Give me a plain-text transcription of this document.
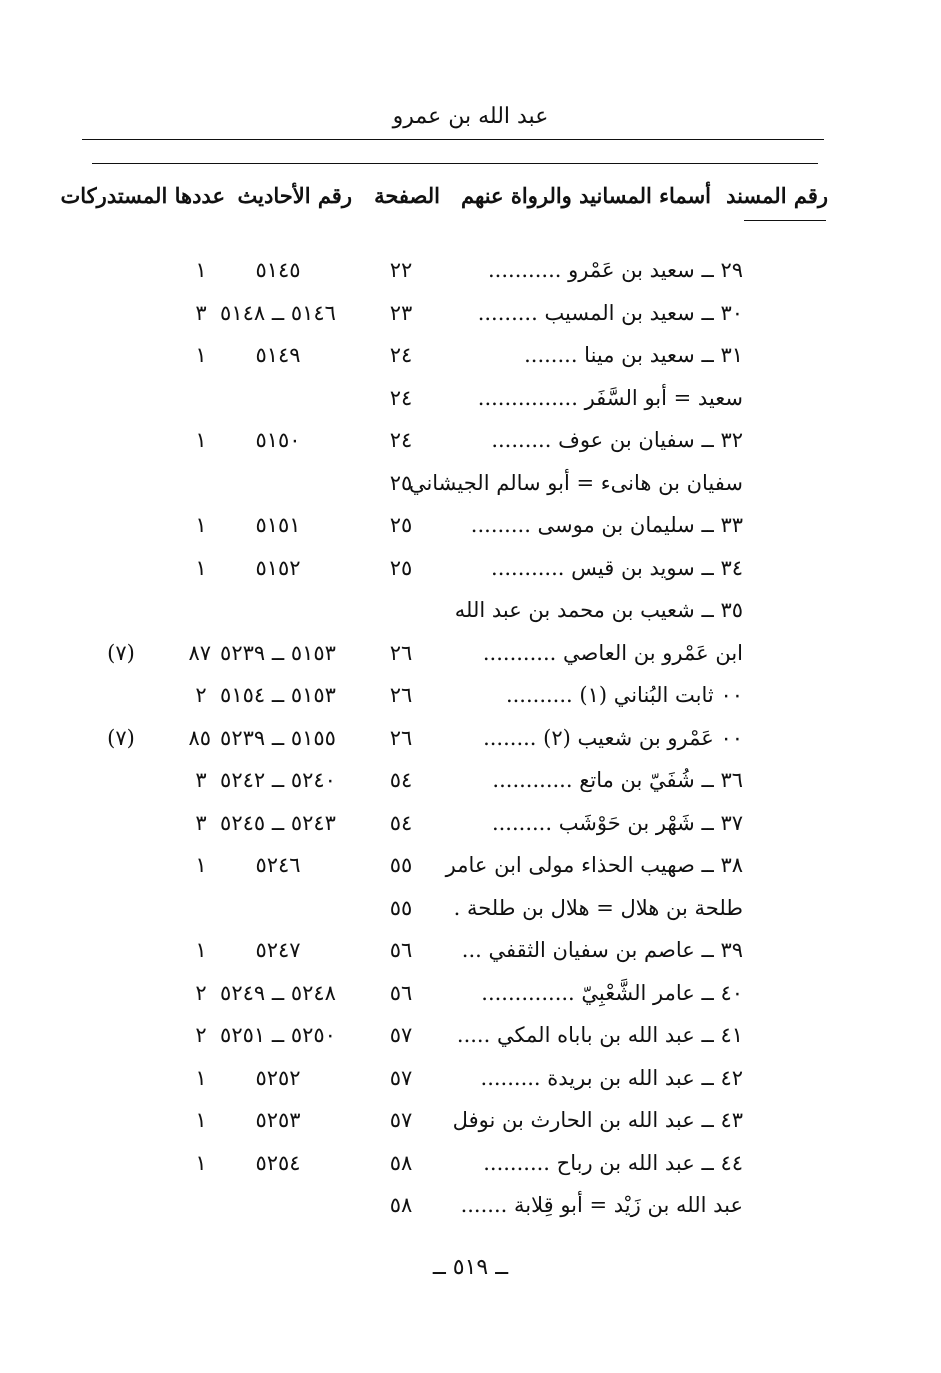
عبد الله بن عمرو
رقم المسند
أسماء المسانيد والرواة عنهم
الصفحة
رقم الأحاديث
عددها المستدركات
٢٩ ــ سعيد بن عَمْرو ...........
٢٢
٥١٤٥
١
٣٠ ــ سعيد بن المسيب .........
٢٣
٥١٤٦ ــ ٥١٤٨
٣
٣١ ــ سعيد بن مينا ........
٢٤
٥١٤٩
١
سعيد = أبو السَّفَر ...............
٢٤
٣٢ ــ سفيان بن عوف .........
٢٤
٥١٥٠
١
سفيان بن هانىء = أبو سالم الجيشاني
٢٥
٣٣ ــ سليمان بن موسى .........
٢٥
٥١٥١
١
٣٤ ــ سويد بن قيس ...........
٢٥
٥١٥٢
١
٣٥ ــ شعيب بن محمد بن عبد الله
ابن عَمْرو بن العاصي ...........
٢٦
٥١٥٣ ــ ٥٢٣٩
٨٧
(٧)
٠٠ ثابت البُناني (١) ..........
٢٦
٥١٥٣ ــ ٥١٥٤
٢
٠٠ عَمْرو بن شعيب (٢) ........
٢٦
٥١٥٥ ــ ٥٢٣٩
٨٥
(٧)
٣٦ ــ شُفَيّ بن ماتع ............
٥٤
٥٢٤٠ ــ ٥٢٤٢
٣
٣٧ ــ شَهْر بن حَوْشَب .........
٥٤
٥٢٤٣ ــ ٥٢٤٥
٣
٣٨ ــ صهيب الحذاء مولى ابن عامر
٥٥
٥٢٤٦
١
طلحة بن هلال = هلال بن طلحة .
٥٥
٣٩ ــ عاصم بن سفيان الثقفي ...
٥٦
٥٢٤٧
١
٤٠ ــ عامر الشَّعْبِيّ ..............
٥٦
٥٢٤٨ ــ ٥٢٤٩
٢
٤١ ــ عبد الله بن باباه المكي .....
٥٧
٥٢٥٠ ــ ٥٢٥١
٢
٤٢ ــ عبد الله بن بريدة .........
٥٧
٥٢٥٢
١
٤٣ ــ عبد الله بن الحارث بن نوفل
٥٧
٥٢٥٣
١
٤٤ ــ عبد الله بن رباح ..........
٥٨
٥٢٥٤
١
عبد الله بن زَيْد = أبو قِلابة .......
٥٨
ــ ٥١٩ ــ
